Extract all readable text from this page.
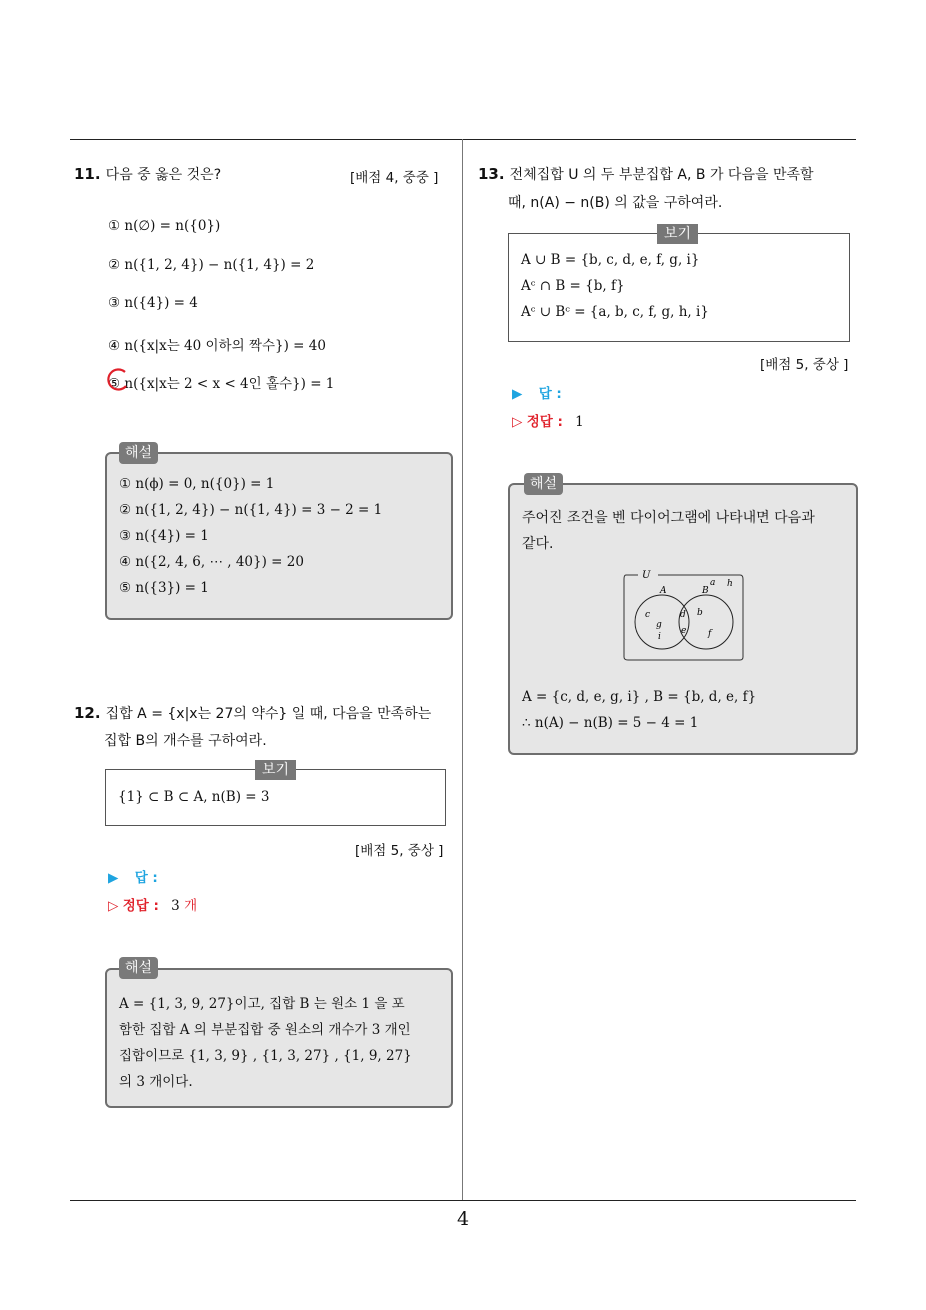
4
11. 다음 중 옳은 것은?	[배점 4, 중중 ]
① n(∅) = n({0})
② n({1, 2, 4}) − n({1, 4}) = 2
③ n({4}) = 4
④ n({x|x는 40 이하의 짝수}) = 40
⑤ n({x|x는 2 < x < 4인 홀수}) = 1
① n(ϕ) = 0, n({0}) = 1
② n({1, 2, 4}) − n({1, 4}) = 3 − 2 = 1
③ n({4}) = 1
④ n({2, 4, 6, ⋯ , 40}) = 20
⑤ n({3}) = 1
해설
12. 집합 A = {x|x는 27의 약수} 일 때, 다음을 만족하는
집합 B의 개수를 구하여라.
{1} ⊂ B ⊂ A, n(B) = 3
보기
[배점 5, 중상 ]
▶ 답 :
▷ 정답 : 3 개
A = {1, 3, 9, 27}이고, 집합 B 는 원소 1 을 포
함한 집합 A 의 부분집합 중 원소의 개수가 3 개인
집합이므로 {1, 3, 9} , {1, 3, 27} , {1, 9, 27}
의 3 개이다.
해설
13. 전체집합 U 의 두 부분집합 A, B 가 다음을 만족할
때, n(A) − n(B) 의 값을 구하여라.
A ∪ B = {b, c, d, e, f, g, i}
Aᶜ ∩ B = {b, f}
Aᶜ ∪ Bᶜ = {a, b, c, f, g, h, i}
보기
[배점 5, 중상 ]
▶ 답 :
▷ 정답 : 1
주어진 조건을 벤 다이어그램에 나타내면 다음과
같다.
U
A	B
a h
c
g
i
d
e
b
f
A = {c, d, e, g, i} , B = {b, d, e, f}
∴ n(A) − n(B) = 5 − 4 = 1
해설
